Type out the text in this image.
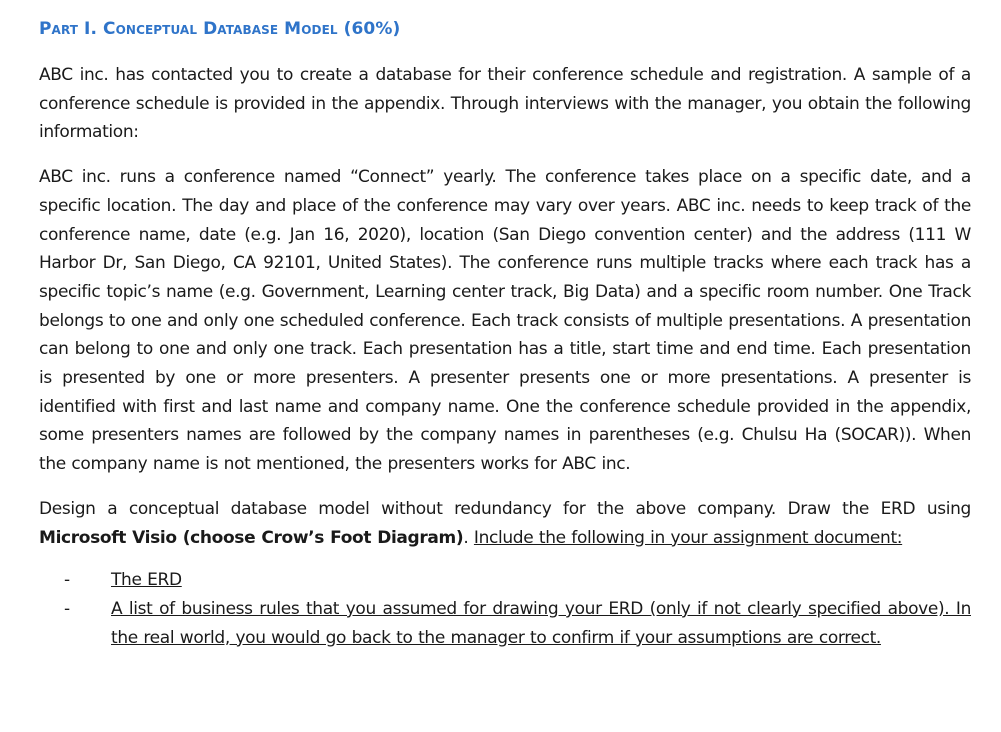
Part I. Conceptual Database Model (60%)

ABC inc. has contacted you to create a database for their conference schedule and registration. A sample of a conference schedule is provided in the appendix. Through interviews with the manager, you obtain the following information:

ABC inc. runs a conference named “Connect” yearly. The conference takes place on a specific date, and a specific location. The day and place of the conference may vary over years. ABC inc. needs to keep track of the conference name, date (e.g. Jan 16, 2020), location (San Diego convention center) and the address (111 W Harbor Dr, San Diego, CA 92101, United States). The conference runs multiple tracks where each track has a specific topic’s name (e.g. Government, Learning center track, Big Data) and a specific room number. One Track belongs to one and only one scheduled conference. Each track consists of multiple presentations. A presentation can belong to one and only one track. Each presentation has a title, start time and end time. Each presentation is presented by one or more presenters. A presenter presents one or more presentations. A presenter is identified with first and last name and company name. One the conference schedule provided in the appendix, some presenters names are followed by the company names in parentheses (e.g. Chulsu Ha (SOCAR)). When the company name is not mentioned, the presenters works for ABC inc.

Design a conceptual database model without redundancy for the above company. Draw the ERD using Microsoft Visio (choose Crow’s Foot Diagram). Include the following in your assignment document:

- The ERD
- A list of business rules that you assumed for drawing your ERD (only if not clearly specified above). In the real world, you would go back to the manager to confirm if your assumptions are correct.
